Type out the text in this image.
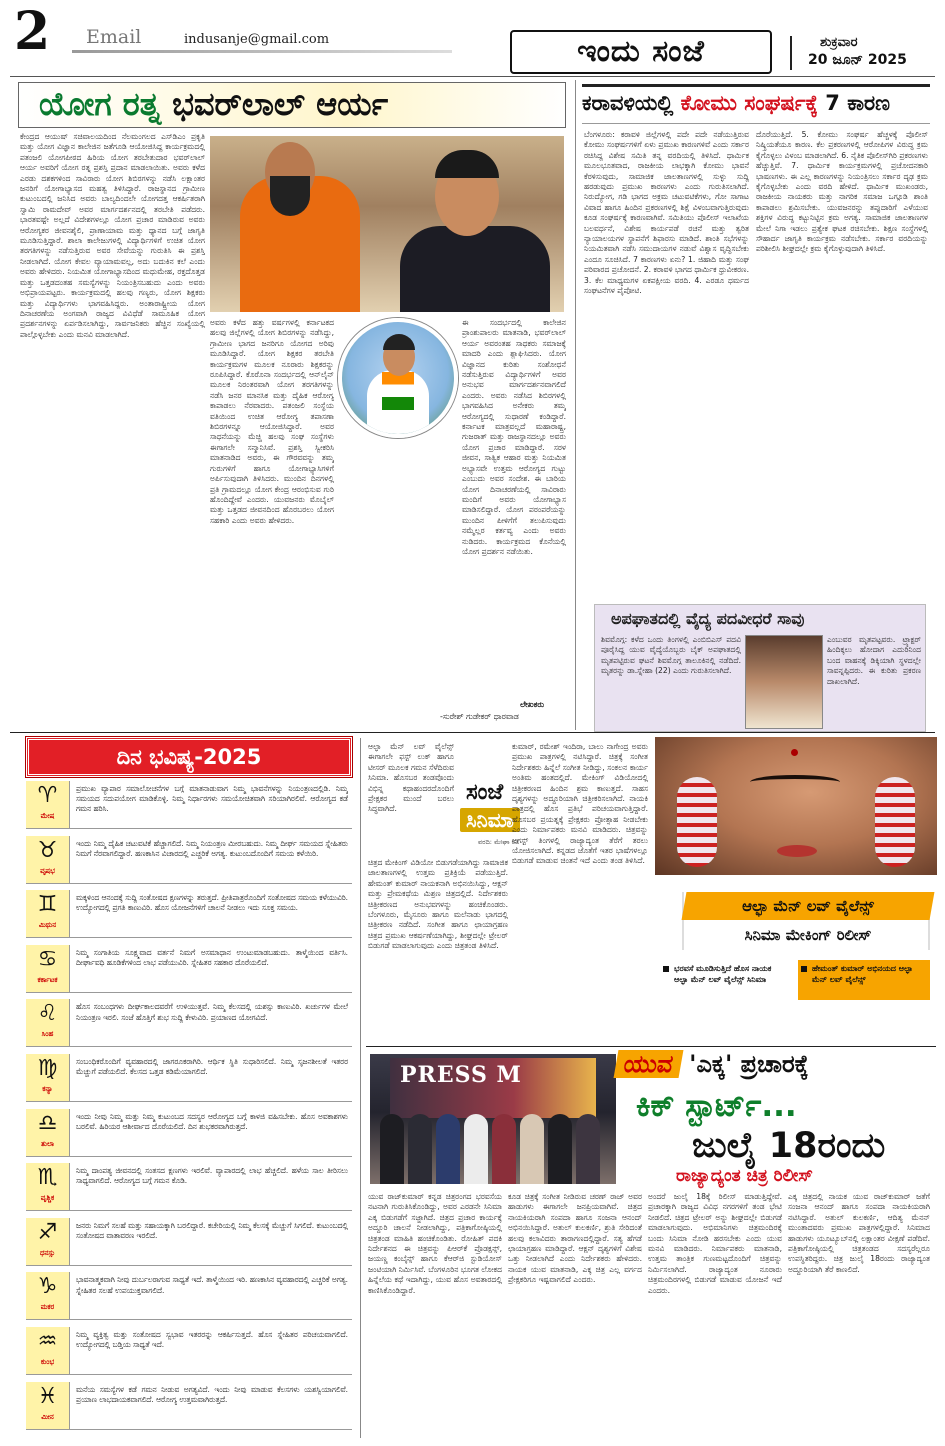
2 Email	indusanje@gmail.com	ಇಂದು ಸಂಜೆ	ಶುಕ್ರವಾರ
20 ಜೂನ್ 2025
ಯೋಗ ರತ್ನ ಭವರ್‌ಲಾಲ್ ಆರ್ಯ
ಕೇಂದ್ರದ ಆಯುಷ್ ಸಚಿವಾಲಯದಿಂದ ನೆಲಮಂಗಲದ ಎಸ್‌ಡಿಎಂ ಪ್ರಕೃತಿ ಮತ್ತು ಯೋಗ ವಿಜ್ಞಾನ ಕಾಲೇಜಿನ ಜತೆಗೂಡಿ ಆಯೋಜಿಸಿದ್ದ ಕಾರ್ಯಕ್ರಮದಲ್ಲಿ ಪತಂಜಲಿ ಯೋಗಪೀಠದ ಹಿರಿಯ ಯೋಗ ತರಬೇತುದಾರ ಭವರ್‌ಲಾಲ್ ಆರ್ಯ ಅವರಿಗೆ ಯೋಗ ರತ್ನ ಪ್ರಶಸ್ತಿ ಪ್ರದಾನ ಮಾಡಲಾಯಿತು. ಅವರು ಕಳೆದ ಎರಡು ದಶಕಗಳಿಂದ ಸಾವಿರಾರು ಯೋಗ ಶಿಬಿರಗಳನ್ನು ನಡೆಸಿ ಲಕ್ಷಾಂತರ ಜನರಿಗೆ ಯೋಗಾಭ್ಯಾಸದ ಮಹತ್ವ ತಿಳಿಸಿದ್ದಾರೆ. ರಾಜಸ್ಥಾನದ ಗ್ರಾಮೀಣ ಕುಟುಂಬದಲ್ಲಿ ಜನಿಸಿದ ಅವರು ಬಾಲ್ಯದಿಂದಲೇ ಯೋಗದತ್ತ ಆಕರ್ಷಿತರಾಗಿ ಸ್ವಾಮಿ ರಾಮದೇವ್ ಅವರ ಮಾರ್ಗದರ್ಶನದಲ್ಲಿ ತರಬೇತಿ ಪಡೆದರು. ಭಾರತವಷ್ಟೇ ಅಲ್ಲದೆ ವಿದೇಶಗಳಲ್ಲೂ ಯೋಗ ಪ್ರಚಾರ ಮಾಡಿರುವ ಅವರು ಆರೋಗ್ಯಕರ ಜೀವನಶೈಲಿ, ಪ್ರಾಣಾಯಾಮ ಮತ್ತು ಧ್ಯಾನದ ಬಗ್ಗೆ ಜಾಗೃತಿ ಮೂಡಿಸುತ್ತಿದ್ದಾರೆ. ಶಾಲಾ ಕಾಲೇಜುಗಳಲ್ಲಿ ವಿದ್ಯಾರ್ಥಿಗಳಿಗೆ ಉಚಿತ ಯೋಗ ತರಗತಿಗಳನ್ನು ನಡೆಸುತ್ತಿರುವ ಅವರ ಸೇವೆಯನ್ನು ಗುರುತಿಸಿ ಈ ಪ್ರಶಸ್ತಿ ನೀಡಲಾಗಿದೆ. ಯೋಗ ಕೇವಲ ವ್ಯಾಯಾಮವಲ್ಲ, ಅದು ಬದುಕಿನ ಕಲೆ ಎಂದು ಅವರು ಹೇಳಿದರು. ನಿಯಮಿತ ಯೋಗಾಭ್ಯಾಸದಿಂದ ಮಧುಮೇಹ, ರಕ್ತದೊತ್ತಡ ಮತ್ತು ಒತ್ತಡದಂತಹ ಸಮಸ್ಯೆಗಳನ್ನು ನಿಯಂತ್ರಿಸಬಹುದು ಎಂದು ಅವರು ಅಭಿಪ್ರಾಯಪಟ್ಟರು. ಕಾರ್ಯಕ್ರಮದಲ್ಲಿ ಹಲವು ಗಣ್ಯರು, ಯೋಗ ಶಿಕ್ಷಕರು ಮತ್ತು ವಿದ್ಯಾರ್ಥಿಗಳು ಭಾಗವಹಿಸಿದ್ದರು. ಅಂತಾರಾಷ್ಟ್ರೀಯ ಯೋಗ ದಿನಾಚರಣೆಯ ಅಂಗವಾಗಿ ರಾಜ್ಯದ ವಿವಿಧೆಡೆ ಸಾಮೂಹಿಕ ಯೋಗ ಪ್ರದರ್ಶನಗಳನ್ನು ಏರ್ಪಡಿಸಲಾಗಿದ್ದು, ಸಾರ್ವಜನಿಕರು ಹೆಚ್ಚಿನ ಸಂಖ್ಯೆಯಲ್ಲಿ ಪಾಲ್ಗೊಳ್ಳಬೇಕು ಎಂದು ಮನವಿ ಮಾಡಲಾಗಿದೆ.
ಅವರು ಕಳೆದ ಹತ್ತು ವರ್ಷಗಳಲ್ಲಿ ಕರ್ನಾಟಕದ ಹಲವು ಜಿಲ್ಲೆಗಳಲ್ಲಿ ಯೋಗ ಶಿಬಿರಗಳನ್ನು ನಡೆಸಿದ್ದು, ಗ್ರಾಮೀಣ ಭಾಗದ ಜನರಿಗೂ ಯೋಗದ ಅರಿವು ಮೂಡಿಸಿದ್ದಾರೆ. ಯೋಗ ಶಿಕ್ಷಕರ ತರಬೇತಿ ಕಾರ್ಯಕ್ರಮಗಳ ಮೂಲಕ ನೂರಾರು ಶಿಕ್ಷಕರನ್ನು ರೂಪಿಸಿದ್ದಾರೆ. ಕೊರೊನಾ ಸಂದರ್ಭದಲ್ಲಿ ಆನ್‌ಲೈನ್ ಮೂಲಕ ನಿರಂತರವಾಗಿ ಯೋಗ ತರಗತಿಗಳನ್ನು ನಡೆಸಿ ಜನರ ಮಾನಸಿಕ ಮತ್ತು ದೈಹಿಕ ಆರೋಗ್ಯ ಕಾಪಾಡಲು ನೆರವಾದರು. ಪತಂಜಲಿ ಸಂಸ್ಥೆಯ ವತಿಯಿಂದ ಉಚಿತ ಆರೋಗ್ಯ ತಪಾಸಣಾ ಶಿಬಿರಗಳನ್ನೂ ಆಯೋಜಿಸಿದ್ದಾರೆ. ಅವರ ಸಾಧನೆಯನ್ನು ಮೆಚ್ಚಿ ಹಲವು ಸಂಘ ಸಂಸ್ಥೆಗಳು ಈಗಾಗಲೇ ಸನ್ಮಾನಿಸಿವೆ. ಪ್ರಶಸ್ತಿ ಸ್ವೀಕರಿಸಿ ಮಾತನಾಡಿದ ಅವರು, ಈ ಗೌರವವನ್ನು ತಮ್ಮ ಗುರುಗಳಿಗೆ ಹಾಗೂ ಯೋಗಾಭ್ಯಾಸಿಗಳಿಗೆ ಅರ್ಪಿಸುವುದಾಗಿ ತಿಳಿಸಿದರು. ಮುಂದಿನ ದಿನಗಳಲ್ಲಿ ಪ್ರತಿ ಗ್ರಾಮದಲ್ಲೂ ಯೋಗ ಕೇಂದ್ರ ಆರಂಭಿಸುವ ಗುರಿ ಹೊಂದಿದ್ದೇವೆ ಎಂದರು. ಯುವಜನರು ಮೊಬೈಲ್ ಮತ್ತು ಒತ್ತಡದ ಜೀವನದಿಂದ ಹೊರಬರಲು ಯೋಗ ಸಹಕಾರಿ ಎಂದು ಅವರು ಹೇಳಿದರು.
ಈ ಸಂದರ್ಭದಲ್ಲಿ ಕಾಲೇಜಿನ ಪ್ರಾಂಶುಪಾಲರು ಮಾತನಾಡಿ, ಭವರ್‌ಲಾಲ್ ಆರ್ಯ ಅವರಂತಹ ಸಾಧಕರು ಸಮಾಜಕ್ಕೆ ಮಾದರಿ ಎಂದು ಶ್ಲಾಘಿಸಿದರು. ಯೋಗ ವಿಜ್ಞಾನದ ಕುರಿತು ಸಂಶೋಧನೆ ನಡೆಸುತ್ತಿರುವ ವಿದ್ಯಾರ್ಥಿಗಳಿಗೆ ಅವರ ಅನುಭವ ಮಾರ್ಗದರ್ಶನವಾಗಲಿದೆ ಎಂದರು. ಅವರು ನಡೆಸಿದ ಶಿಬಿರಗಳಲ್ಲಿ ಭಾಗವಹಿಸಿದ ಅನೇಕರು ತಮ್ಮ ಆರೋಗ್ಯದಲ್ಲಿ ಸುಧಾರಣೆ ಕಂಡಿದ್ದಾರೆ. ಕರ್ನಾಟಕ ಮಾತ್ರವಲ್ಲದೆ ಮಹಾರಾಷ್ಟ್ರ, ಗುಜರಾತ್ ಮತ್ತು ರಾಜಸ್ಥಾನದಲ್ಲೂ ಅವರು ಯೋಗ ಪ್ರಚಾರ ಮಾಡಿದ್ದಾರೆ. ಸರಳ ಜೀವನ, ಸಾತ್ವಿಕ ಆಹಾರ ಮತ್ತು ನಿಯಮಿತ ಅಭ್ಯಾಸವೇ ಉತ್ತಮ ಆರೋಗ್ಯದ ಗುಟ್ಟು ಎಂಬುದು ಅವರ ಸಂದೇಶ. ಈ ಬಾರಿಯ ಯೋಗ ದಿನಾಚರಣೆಯಲ್ಲಿ ಸಾವಿರಾರು ಮಂದಿಗೆ ಅವರು ಯೋಗಾಭ್ಯಾಸ ಮಾಡಿಸಲಿದ್ದಾರೆ. ಯೋಗ ಪರಂಪರೆಯನ್ನು ಮುಂದಿನ ಪೀಳಿಗೆಗೆ ತಲುಪಿಸುವುದು ನಮ್ಮೆಲ್ಲರ ಕರ್ತವ್ಯ ಎಂದು ಅವರು ನುಡಿದರು. ಕಾರ್ಯಕ್ರಮದ ಕೊನೆಯಲ್ಲಿ ಯೋಗ ಪ್ರದರ್ಶನ ನಡೆಯಿತು.
ಲೇಖಕರು
-ಸುರೇಶ್ ಗುಡೇಕರ್ ಧಾರವಾಡ
ಕರಾವಳಿಯಲ್ಲಿ ಕೋಮು ಸಂಘರ್ಷಕ್ಕೆ 7 ಕಾರಣ
ಬೆಂಗಳೂರು: ಕರಾವಳಿ ಜಿಲ್ಲೆಗಳಲ್ಲಿ ಪದೇ ಪದೇ ನಡೆಯುತ್ತಿರುವ ಕೋಮು ಸಂಘರ್ಷಗಳಿಗೆ ಏಳು ಪ್ರಮುಖ ಕಾರಣಗಳಿವೆ ಎಂದು ಸರ್ಕಾರ ರಚಿಸಿದ್ದ ವಿಶೇಷ ಸಮಿತಿ ತನ್ನ ವರದಿಯಲ್ಲಿ ತಿಳಿಸಿದೆ. ಧಾರ್ಮಿಕ ಮೂಲಭೂತವಾದ, ರಾಜಕೀಯ ಲಾಭಕ್ಕಾಗಿ ಕೋಮು ಭಾವನೆ ಕೆರಳಿಸುವುದು, ಸಾಮಾಜಿಕ ಜಾಲತಾಣಗಳಲ್ಲಿ ಸುಳ್ಳು ಸುದ್ದಿ ಹರಡುವುದು ಪ್ರಮುಖ ಕಾರಣಗಳು ಎಂದು ಗುರುತಿಸಲಾಗಿದೆ. ನಿರುದ್ಯೋಗ, ಗಡಿ ಭಾಗದ ಅಕ್ರಮ ಚಟುವಟಿಕೆಗಳು, ಗೋ ಸಾಗಾಟ ವಿವಾದ ಹಾಗೂ ಹಿಂದಿನ ಪ್ರಕರಣಗಳಲ್ಲಿ ಶಿಕ್ಷೆ ವಿಳಂಬವಾಗುತ್ತಿರುವುದು ಕೂಡ ಸಂಘರ್ಷಕ್ಕೆ ಕಾರಣವಾಗಿವೆ. ಸಮಿತಿಯು ಪೊಲೀಸ್ ಇಲಾಖೆಯ ಬಲವರ್ಧನೆ, ವಿಶೇಷ ಕಾರ್ಯಪಡೆ ರಚನೆ ಮತ್ತು ತ್ವರಿತ ನ್ಯಾಯಾಲಯಗಳ ಸ್ಥಾಪನೆಗೆ ಶಿಫಾರಸು ಮಾಡಿದೆ. ಶಾಂತಿ ಸಭೆಗಳನ್ನು ನಿಯಮಿತವಾಗಿ ನಡೆಸಿ ಸಮುದಾಯಗಳ ನಡುವೆ ವಿಶ್ವಾಸ ವೃದ್ಧಿಸಬೇಕು ಎಂದೂ ಸೂಚಿಸಿದೆ. 7 ಕಾರಣಗಳು ಏನು? 1. ಜಿಹಾದಿ ಮತ್ತು ಸಂಘ ಪರಿವಾರದ ಪ್ರಚೋದನೆ. 2. ಕರಾವಳಿ ಭಾಗದ ಧಾರ್ಮಿಕ ಧ್ರುವೀಕರಣ. 3. ಕೆಲ ಮಾಧ್ಯಮಗಳ ಏಕಪಕ್ಷೀಯ ವರದಿ. 4. ಎರಡೂ ಧರ್ಮದ ಸಂಘಟನೆಗಳ ಪೈಪೋಟಿ.
ದೊರೆಯುತ್ತಿದೆ. 5. ಕೋಮು ಸಂಘರ್ಷ ಹೆಚ್ಚಳಕ್ಕೆ ಪೊಲೀಸ್ ನಿಷ್ಕ್ರಿಯತೆಯೂ ಕಾರಣ. ಕೆಲ ಪ್ರಕರಣಗಳಲ್ಲಿ ಆರೋಪಿಗಳ ವಿರುದ್ಧ ಕ್ರಮ ಕೈಗೊಳ್ಳಲು ವಿಳಂಬ ಮಾಡಲಾಗಿದೆ. 6. ನೈತಿಕ ಪೊಲೀಸ್‌ಗಿರಿ ಪ್ರಕರಣಗಳು ಹೆಚ್ಚುತ್ತಿವೆ. 7. ಧಾರ್ಮಿಕ ಕಾರ್ಯಕ್ರಮಗಳಲ್ಲಿ ಪ್ರಚೋದನಕಾರಿ ಭಾಷಣಗಳು. ಈ ಎಲ್ಲ ಕಾರಣಗಳನ್ನು ನಿಯಂತ್ರಿಸಲು ಸರ್ಕಾರ ದೃಢ ಕ್ರಮ ಕೈಗೊಳ್ಳಬೇಕು ಎಂದು ವರದಿ ಹೇಳಿದೆ. ಧಾರ್ಮಿಕ ಮುಖಂಡರು, ರಾಜಕೀಯ ನಾಯಕರು ಮತ್ತು ನಾಗರಿಕ ಸಮಾಜ ಒಗ್ಗೂಡಿ ಶಾಂತಿ ಕಾಪಾಡಲು ಶ್ರಮಿಸಬೇಕು. ಯುವಜನರನ್ನು ತಪ್ಪುದಾರಿಗೆ ಎಳೆಯುವ ಶಕ್ತಿಗಳ ವಿರುದ್ಧ ಕಟ್ಟುನಿಟ್ಟಿನ ಕ್ರಮ ಅಗತ್ಯ. ಸಾಮಾಜಿಕ ಜಾಲತಾಣಗಳ ಮೇಲೆ ನಿಗಾ ಇಡಲು ಪ್ರತ್ಯೇಕ ಘಟಕ ರಚಿಸಬೇಕು. ಶಿಕ್ಷಣ ಸಂಸ್ಥೆಗಳಲ್ಲಿ ಸೌಹಾರ್ದ ಜಾಗೃತಿ ಕಾರ್ಯಕ್ರಮ ನಡೆಸಬೇಕು. ಸರ್ಕಾರ ವರದಿಯನ್ನು ಪರಿಶೀಲಿಸಿ ಶೀಘ್ರದಲ್ಲೇ ಕ್ರಮ ಕೈಗೊಳ್ಳುವುದಾಗಿ ತಿಳಿಸಿದೆ.
ಅಪಘಾತದಲ್ಲಿ ವೈದ್ಯ ಪದವೀಧರೆ ಸಾವು
ಶಿವಮೊಗ್ಗ: ಕಳೆದ ಒಂದು ತಿಂಗಳಲ್ಲಿ ಎಂಬಿಬಿಎಸ್ ಪದವಿ ಪೂರೈಸಿದ್ದ ಯುವ ವೈದ್ಯೆಯೊಬ್ಬರು ಬೈಕ್ ಅಪಘಾತದಲ್ಲಿ ಮೃತಪಟ್ಟಿರುವ ಘಟನೆ ಶಿವಮೊಗ್ಗ ತಾಲೂಕಿನಲ್ಲಿ ನಡೆದಿದೆ. ಮೃತರನ್ನು ಡಾ.ಸ್ನೇಹಾ (22) ಎಂದು ಗುರುತಿಸಲಾಗಿದೆ.
ಎಂಬುವರ ಮೃತಪಟ್ಟವರು. ಟ್ರ್ಯಾಕ್ಟರ್ ಹಿಂದಿಕ್ಕಲು ಹೋದಾಗ ಎದುರಿನಿಂದ ಬಂದ ವಾಹನಕ್ಕೆ ಡಿಕ್ಕಿಯಾಗಿ ಸ್ಥಳದಲ್ಲೇ ಸಾವನ್ನಪ್ಪಿದರು. ಈ ಕುರಿತು ಪ್ರಕರಣ ದಾಖಲಾಗಿದೆ.
ದಿನ ಭವಿಷ್ಯ-2025
♈
ಮೇಷ
ಪ್ರಮುಖ ವ್ಯಾಪಾರ ಸಮಾಲೋಚನೆಗಳ ಬಗ್ಗೆ ಮಾತನಾಡುವಾಗ ನಿಮ್ಮ ಭಾವನೆಗಳನ್ನು ನಿಯಂತ್ರಣದಲ್ಲಿಡಿ. ನಿಮ್ಮ ಸಮಯದ ಸದುಪಯೋಗ ಮಾಡಿಕೊಳ್ಳಿ. ನಿಮ್ಮ ನಿರ್ಧಾರಗಳು ಸಮಯೋಚಿತವಾಗಿ ಸರಿಯಾಗಿರಲಿವೆ. ಆರೋಗ್ಯದ ಕಡೆ ಗಮನ ಹರಿಸಿ.
♉
ವೃಷಭ
ಇಂದು ನಿಮ್ಮ ದೈಹಿಕ ಚಟುವಟಿಕೆ ಹೆಚ್ಚಾಗಲಿದೆ. ನಿಮ್ಮ ನಿಯಂತ್ರಣ ಮೀರಬಹುದು. ನಿಮ್ಮ ದೀರ್ಘ ಸಮಯದ ಸ್ನೇಹಿತರು ನಿಮಗೆ ನೆರವಾಗಲಿದ್ದಾರೆ. ಹಣಕಾಸಿನ ವಿಚಾರದಲ್ಲಿ ಎಚ್ಚರಿಕೆ ಅಗತ್ಯ. ಕುಟುಂಬದೊಂದಿಗೆ ಸಮಯ ಕಳೆಯಿರಿ.
♊
ಮಿಥುನ
ಮಕ್ಕಳಿಂದ ಆನಂದಕ್ಕೆ ಸುದ್ದಿ ಸಂತೋಷದ ಕ್ಷಣಗಳನ್ನು ತರುತ್ತದೆ. ಪ್ರೀತಿಪಾತ್ರರೊಂದಿಗೆ ಸಂತೋಷದ ಸಮಯ ಕಳೆಯುವಿರಿ. ಉದ್ಯೋಗದಲ್ಲಿ ಪ್ರಗತಿ ಕಾಣುವಿರಿ. ಹೊಸ ಯೋಜನೆಗಳಿಗೆ ಚಾಲನೆ ನೀಡಲು ಇದು ಸೂಕ್ತ ಸಮಯ.
♋
ಕರ್ಕಾಟಕ
ನಿಮ್ಮ ಸಂಗಾತಿಯ ಸೂಕ್ಷ್ಮವಾದ ವರ್ತನೆ ನಿಮಗೆ ಅಸಮಾಧಾನ ಉಂಟುಮಾಡಬಹುದು. ತಾಳ್ಮೆಯಿಂದ ವರ್ತಿಸಿ. ದೀರ್ಘಾವಧಿ ಹೂಡಿಕೆಗಳಿಂದ ಲಾಭ ಪಡೆಯುವಿರಿ. ಸ್ನೇಹಿತರ ಸಹಕಾರ ದೊರೆಯಲಿದೆ.
♌
ಸಿಂಹ
ಹೊಸ ಸಂಬಂಧಗಳು ದೀರ್ಘಕಾಲದವರೆಗೆ ಉಳಿಯುತ್ತವೆ. ನಿಮ್ಮ ಕೆಲಸದಲ್ಲಿ ಯಶಸ್ಸು ಕಾಣುವಿರಿ. ಖರ್ಚುಗಳ ಮೇಲೆ ನಿಯಂತ್ರಣ ಇರಲಿ. ಸಂಜೆ ಹೊತ್ತಿಗೆ ಶುಭ ಸುದ್ದಿ ಕೇಳುವಿರಿ. ಪ್ರಯಾಣದ ಯೋಗವಿದೆ.
♍
ಕನ್ಯಾ
ಸಂಬಂಧಿಕರೊಂದಿಗೆ ವ್ಯವಹಾರದಲ್ಲಿ ಜಾಗರೂಕರಾಗಿರಿ. ಆರ್ಥಿಕ ಸ್ಥಿತಿ ಸುಧಾರಿಸಲಿದೆ. ನಿಮ್ಮ ಸೃಜನಶೀಲತೆ ಇತರರ ಮೆಚ್ಚುಗೆ ಪಡೆಯಲಿದೆ. ಕೆಲಸದ ಒತ್ತಡ ಕಡಿಮೆಯಾಗಲಿದೆ.
♎
ತುಲಾ
ಇಂದು ನೀವು ನಿಮ್ಮ ಮತ್ತು ನಿಮ್ಮ ಕುಟುಂಬದ ಸದಸ್ಯರ ಆರೋಗ್ಯದ ಬಗ್ಗೆ ಕಾಳಜಿ ವಹಿಸಬೇಕು. ಹೊಸ ಅವಕಾಶಗಳು ಬರಲಿವೆ. ಹಿರಿಯರ ಆಶೀರ್ವಾದ ದೊರೆಯಲಿದೆ. ದಿನ ಶುಭಕರವಾಗಿರುತ್ತದೆ.
♏
ವೃಶ್ಚಿಕ
ನಿಮ್ಮ ದಾಂಪತ್ಯ ಜೀವನದಲ್ಲಿ ಸಂತಸದ ಕ್ಷಣಗಳು ಇರಲಿವೆ. ವ್ಯಾಪಾರದಲ್ಲಿ ಲಾಭ ಹೆಚ್ಚಲಿದೆ. ಹಳೆಯ ಸಾಲ ತೀರಿಸಲು ಸಾಧ್ಯವಾಗಲಿದೆ. ಆರೋಗ್ಯದ ಬಗ್ಗೆ ಗಮನ ಕೊಡಿ.
♐
ಧನಸ್ಸು
ಜನರು ನಿಮಗೆ ಸಲಹೆ ಮತ್ತು ಸಹಾಯಕ್ಕಾಗಿ ಬರಲಿದ್ದಾರೆ. ಕಚೇರಿಯಲ್ಲಿ ನಿಮ್ಮ ಕೆಲಸಕ್ಕೆ ಮೆಚ್ಚುಗೆ ಸಿಗಲಿದೆ. ಕುಟುಂಬದಲ್ಲಿ ಸಂತೋಷದ ವಾತಾವರಣ ಇರಲಿದೆ.
♑
ಮಕರ
ಭಾವನಾತ್ಮಕವಾಗಿ ನೀವು ದುರ್ಬಲರಾಗುವ ಸಾಧ್ಯತೆ ಇದೆ. ತಾಳ್ಮೆಯಿಂದ ಇರಿ. ಹಣಕಾಸಿನ ವ್ಯವಹಾರದಲ್ಲಿ ಎಚ್ಚರಿಕೆ ಅಗತ್ಯ. ಸ್ನೇಹಿತರ ಸಲಹೆ ಉಪಯುಕ್ತವಾಗಲಿದೆ.
♒
ಕುಂಭ
ನಿಮ್ಮ ವ್ಯಕ್ತಿತ್ವ ಮತ್ತು ಸಂತೋಷದ ಸ್ವಭಾವ ಇತರರನ್ನು ಆಕರ್ಷಿಸುತ್ತದೆ. ಹೊಸ ಸ್ನೇಹಿತರ ಪರಿಚಯವಾಗಲಿದೆ. ಉದ್ಯೋಗದಲ್ಲಿ ಬಡ್ತಿಯ ಸಾಧ್ಯತೆ ಇದೆ.
♓
ಮೀನ
ಮನೆಯ ಸಮಸ್ಯೆಗಳ ಕಡೆ ಗಮನ ನೀಡುವ ಅಗತ್ಯವಿದೆ. ಇಂದು ನೀವು ಮಾಡುವ ಕೆಲಸಗಳು ಯಶಸ್ವಿಯಾಗಲಿವೆ. ಪ್ರಯಾಣ ಲಾಭದಾಯಕವಾಗಲಿದೆ. ಆರೋಗ್ಯ ಉತ್ತಮವಾಗಿರುತ್ತದೆ.
ಆಲ್ಫಾ ಮೆನ್ ಲವ್ ವೈಲೆನ್ಸ್ ಈಗಾಗಲೇ ಫಸ್ಟ್ ಲುಕ್ ಹಾಗೂ ಟೀಸರ್ ಮೂಲಕ ಗಮನ ಸೆಳೆದಿರುವ ಸಿನಿಮಾ. ಹೊಸಬರ ತಂಡವೊಂದು ವಿಭಿನ್ನ ಕಥಾಹಂದರದೊಂದಿಗೆ ಪ್ರೇಕ್ಷಕರ ಮುಂದೆ ಬರಲು ಸಿದ್ಧವಾಗಿದೆ.
ಸಂಜೆ
ಸಿನಿಮಾ
ವರದಿ: ಮೇಘಾ ರವಿ
ಚಿತ್ರದ ಮೇಕಿಂಗ್ ವಿಡಿಯೋ ಬಿಡುಗಡೆಯಾಗಿದ್ದು ಸಾಮಾಜಿಕ ಜಾಲತಾಣಗಳಲ್ಲಿ ಉತ್ತಮ ಪ್ರತಿಕ್ರಿಯೆ ಪಡೆಯುತ್ತಿದೆ. ಹೇಮಂತ್ ಕುಮಾರ್ ನಾಯಕನಾಗಿ ಅಭಿನಯಿಸಿದ್ದು, ಆಕ್ಷನ್ ಮತ್ತು ಪ್ರೇಮಕಥೆಯ ಮಿಶ್ರಣ ಚಿತ್ರದಲ್ಲಿದೆ. ನಿರ್ದೇಶಕರು ಚಿತ್ರೀಕರಣದ ಅನುಭವಗಳನ್ನು ಹಂಚಿಕೊಂಡರು. ಬೆಂಗಳೂರು, ಮೈಸೂರು ಹಾಗೂ ಮಲೆನಾಡು ಭಾಗದಲ್ಲಿ ಚಿತ್ರೀಕರಣ ನಡೆದಿದೆ. ಸಂಗೀತ ಹಾಗೂ ಛಾಯಾಗ್ರಹಣ ಚಿತ್ರದ ಪ್ರಮುಖ ಆಕರ್ಷಣೆಯಾಗಿದ್ದು, ಶೀಘ್ರದಲ್ಲೇ ಟ್ರೇಲರ್ ಬಿಡುಗಡೆ ಮಾಡಲಾಗುವುದು ಎಂದು ಚಿತ್ರತಂಡ ತಿಳಿಸಿದೆ.
ಕುಮಾರ್, ರಮೇಶ್ ಇಂದಿರಾ, ಬಾಲು ನಾಗೇಂದ್ರ ಅವರು ಪ್ರಮುಖ ಪಾತ್ರಗಳಲ್ಲಿ ನಟಿಸಿದ್ದಾರೆ. ಚಿತ್ರಕ್ಕೆ ಸಂಗೀತ ನಿರ್ದೇಶಕರು ಹಿನ್ನೆಲೆ ಸಂಗೀತ ನೀಡಿದ್ದು, ಸಂಕಲನ ಕಾರ್ಯ ಅಂತಿಮ ಹಂತದಲ್ಲಿದೆ. ಮೇಕಿಂಗ್ ವಿಡಿಯೋದಲ್ಲಿ ಚಿತ್ರೀಕರಣದ ಹಿಂದಿನ ಶ್ರಮ ಕಾಣುತ್ತದೆ. ಸಾಹಸ ದೃಶ್ಯಗಳನ್ನು ಅದ್ದೂರಿಯಾಗಿ ಚಿತ್ರೀಕರಿಸಲಾಗಿದೆ. ನಾಯಕಿ ಪಾತ್ರದಲ್ಲಿ ಹೊಸ ಪ್ರತಿಭೆ ಪರಿಚಯವಾಗುತ್ತಿದ್ದಾರೆ. ಹೊಸಬರ ಪ್ರಯತ್ನಕ್ಕೆ ಪ್ರೇಕ್ಷಕರು ಪ್ರೋತ್ಸಾಹ ನೀಡಬೇಕು ಎಂದು ನಿರ್ಮಾಪಕರು ಮನವಿ ಮಾಡಿದರು. ಚಿತ್ರವನ್ನು ಆಗಸ್ಟ್ ತಿಂಗಳಲ್ಲಿ ರಾಜ್ಯಾದ್ಯಂತ ತೆರೆಗೆ ತರಲು ಯೋಜಿಸಲಾಗಿದೆ. ಕನ್ನಡದ ಜೊತೆಗೆ ಇತರ ಭಾಷೆಗಳಲ್ಲೂ ಬಿಡುಗಡೆ ಮಾಡುವ ಚಿಂತನೆ ಇದೆ ಎಂದು ತಂಡ ತಿಳಿಸಿದೆ.
ಆಲ್ಫಾ ಮೆನ್ ಲವ್ ವೈಲೆನ್ಸ್
ಸಿನಿಮಾ ಮೇಕಿಂಗ್ ರಿಲೀಸ್
ಭರವಸೆ ಮೂಡಿಸುತ್ತಿದೆ ಹೊಸ ನಾಯಕ ಆಲ್ಫಾ ಮೆನ್ ಲವ್ ವೈಲೆನ್ಸ್ ಸಿನಿಮಾ
ಹೇಮಂತ್ ಕುಮಾರ್ ಅಭಿನಯದ ಆಲ್ಫಾ ಮೆನ್ ಲವ್ ವೈಲೆನ್ಸ್
PRESS M	ಯುವ 'ಎಕ್ಕ' ಪ್ರಚಾರಕ್ಕೆ
ಕಿಕ್ ಸ್ಟಾರ್ಟ್...
ಜುಲೈ 18ರಂದು
ರಾಜ್ಯಾದ್ಯಂತ ಚಿತ್ರ ರಿಲೀಸ್
ಯುವ ರಾಜ್‌ಕುಮಾರ್ ಕನ್ನಡ ಚಿತ್ರರಂಗದ ಭರವಸೆಯ ನಟನಾಗಿ ಗುರುತಿಸಿಕೊಂಡಿದ್ದು, ಅವರ ಎರಡನೇ ಸಿನಿಮಾ ಎಕ್ಕ ಬಿಡುಗಡೆಗೆ ಸಜ್ಜಾಗಿದೆ. ಚಿತ್ರದ ಪ್ರಚಾರ ಕಾರ್ಯಕ್ಕೆ ಅದ್ದೂರಿ ಚಾಲನೆ ನೀಡಲಾಗಿದ್ದು, ಪತ್ರಿಕಾಗೋಷ್ಠಿಯಲ್ಲಿ ಚಿತ್ರತಂಡ ಮಾಹಿತಿ ಹಂಚಿಕೊಂಡಿತು. ರೋಹಿತ್ ಪದಕಿ ನಿರ್ದೇಶನದ ಈ ಚಿತ್ರವನ್ನು ಪಿಆರ್‌ಕೆ ಪ್ರೊಡಕ್ಷನ್ಸ್, ಜಯಣ್ಣ ಕಂಬೈನ್ಸ್ ಹಾಗೂ ಕೆಆರ್‌ಜಿ ಸ್ಟುಡಿಯೋಸ್ ಜಂಟಿಯಾಗಿ ನಿರ್ಮಿಸಿವೆ. ಬೆಂಗಳೂರಿನ ಭೂಗತ ಲೋಕದ ಹಿನ್ನೆಲೆಯ ಕಥೆ ಇದಾಗಿದ್ದು, ಯುವ ಹೊಸ ಅವತಾರದಲ್ಲಿ ಕಾಣಿಸಿಕೊಂಡಿದ್ದಾರೆ.
ಕೂಡ ಚಿತ್ರಕ್ಕೆ ಸಂಗೀತ ನೀಡಿರುವ ಚರಣ್ ರಾಜ್ ಅವರ ಹಾಡುಗಳು ಈಗಾಗಲೇ ಜನಪ್ರಿಯವಾಗಿವೆ. ಚಿತ್ರದ ನಾಯಕಿಯರಾಗಿ ಸಂಪದಾ ಹಾಗೂ ಸಂಜನಾ ಆನಂದ್ ಅಭಿನಯಿಸಿದ್ದಾರೆ. ಅತುಲ್ ಕುಲಕರ್ಣಿ, ಶ್ರುತಿ ಸೇರಿದಂತೆ ಹಲವು ಕಲಾವಿದರು ತಾರಾಗಣದಲ್ಲಿದ್ದಾರೆ. ಸತ್ಯ ಹೆಗಡೆ ಛಾಯಾಗ್ರಹಣ ಮಾಡಿದ್ದಾರೆ. ಆಕ್ಷನ್ ದೃಶ್ಯಗಳಿಗೆ ವಿಶೇಷ ಒತ್ತು ನೀಡಲಾಗಿದೆ ಎಂದು ನಿರ್ದೇಶಕರು ಹೇಳಿದರು. ನಾಯಕ ಯುವ ಮಾತನಾಡಿ, ಎಕ್ಕ ಚಿತ್ರ ಎಲ್ಲ ವರ್ಗದ ಪ್ರೇಕ್ಷಕರಿಗೂ ಇಷ್ಟವಾಗಲಿದೆ ಎಂದರು.
ಅಂದರೆ ಜುಲೈ 18ಕ್ಕೆ ರಿಲೀಸ್ ಮಾಡುತ್ತಿದ್ದೇವೆ. ಪ್ರಚಾರಕ್ಕಾಗಿ ರಾಜ್ಯದ ವಿವಿಧ ನಗರಗಳಿಗೆ ತಂಡ ಭೇಟಿ ನೀಡಲಿದೆ. ಚಿತ್ರದ ಟ್ರೇಲರ್ ಅನ್ನು ಶೀಘ್ರದಲ್ಲೇ ಬಿಡುಗಡೆ ಮಾಡಲಾಗುವುದು. ಅಭಿಮಾನಿಗಳು ಚಿತ್ರಮಂದಿರಕ್ಕೆ ಬಂದು ಸಿನಿಮಾ ನೋಡಿ ಹರಸಬೇಕು ಎಂದು ಯುವ ಮನವಿ ಮಾಡಿದರು. ನಿರ್ಮಾಪಕರು ಮಾತನಾಡಿ, ಉತ್ತಮ ತಾಂತ್ರಿಕ ಗುಣಮಟ್ಟದೊಂದಿಗೆ ಚಿತ್ರವನ್ನು ನಿರ್ಮಿಸಲಾಗಿದೆ. ರಾಜ್ಯಾದ್ಯಂತ ನೂರಾರು ಚಿತ್ರಮಂದಿರಗಳಲ್ಲಿ ಬಿಡುಗಡೆ ಮಾಡುವ ಯೋಜನೆ ಇದೆ ಎಂದರು.
ಎಕ್ಕ ಚಿತ್ರದಲ್ಲಿ ನಾಯಕ ಯುವ ರಾಜ್‌ಕುಮಾರ್ ಜತೆಗೆ ಸಂಜನಾ ಆನಂದ್ ಹಾಗೂ ಸಂಪದಾ ನಾಯಕಿಯರಾಗಿ ನಟಿಸಿದ್ದಾರೆ. ಅತುಲ್ ಕುಲಕರ್ಣಿ, ಆದಿತ್ಯ ಮೆನನ್ ಮುಂತಾದವರು ಪ್ರಮುಖ ಪಾತ್ರಗಳಲ್ಲಿದ್ದಾರೆ. ಸಿನಿಮಾದ ಹಾಡುಗಳು ಯೂಟ್ಯೂಬ್‌ನಲ್ಲಿ ಲಕ್ಷಾಂತರ ವೀಕ್ಷಣೆ ಪಡೆದಿವೆ. ಪತ್ರಿಕಾಗೋಷ್ಠಿಯಲ್ಲಿ ಚಿತ್ರತಂಡದ ಸದಸ್ಯರೆಲ್ಲರೂ ಉಪಸ್ಥಿತರಿದ್ದರು. ಚಿತ್ರ ಜುಲೈ 18ರಂದು ರಾಜ್ಯಾದ್ಯಂತ ಅದ್ದೂರಿಯಾಗಿ ತೆರೆ ಕಾಣಲಿದೆ.
